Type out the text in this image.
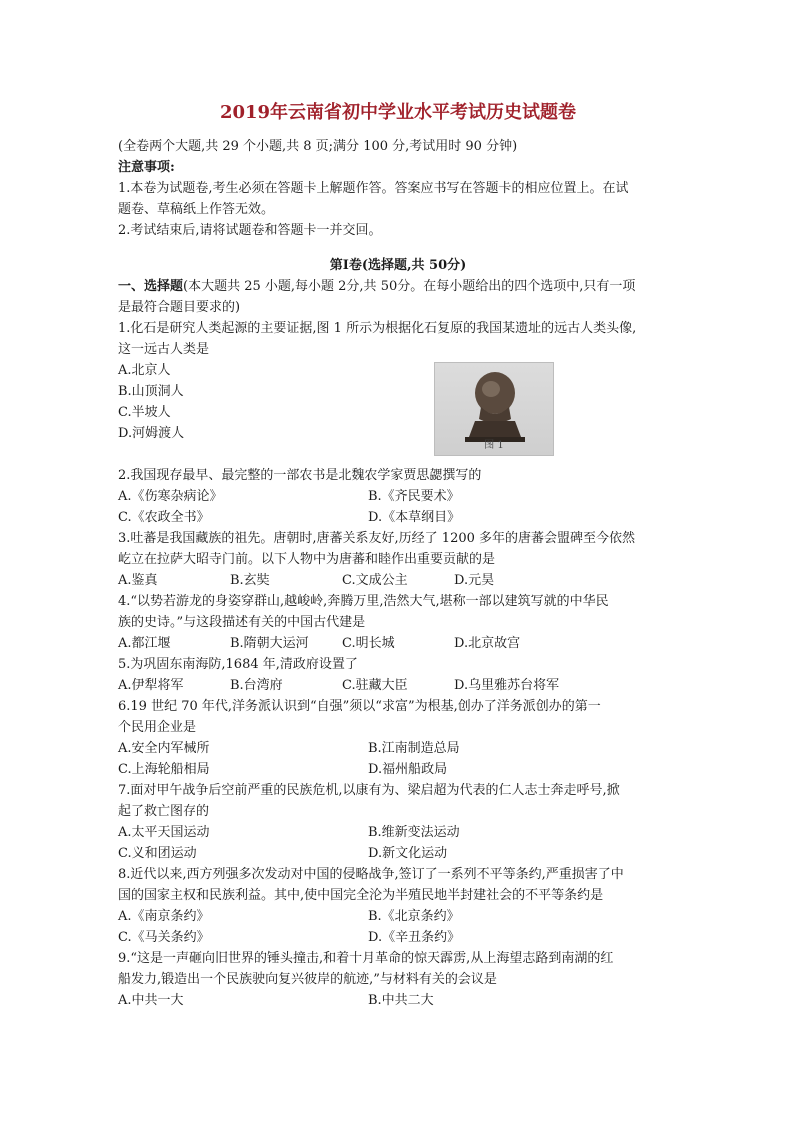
2019年云南省初中学业水平考试历史试题卷
(全卷两个大题,共 29 个小题,共 8 页;满分 100 分,考试用时 90 分钟)
注意事项:
1.本卷为试题卷,考生必须在答题卡上解题作答。答案应书写在答题卡的相应位置上。在试
题卷、草稿纸上作答无效。
2.考试结束后,请将试题卷和答题卡一并交回。
第Ⅰ卷(选择题,共 50分)
一、选择题(本大题共 25 小题,每小题 2分,共 50分。在每小题给出的四个选项中,只有一项
是最符合题目要求的)
1.化石是研究人类起源的主要证据,图 1 所示为根据化石复原的我国某遗址的远古人类头像,
这一远古人类是
A.北京人
B.山顶洞人
C.半坡人
D.河姆渡人
图 1
2.我国现存最早、最完整的一部农书是北魏农学家贾思勰撰写的
A.《伤寒杂病论》	B.《齐民要术》
C.《农政全书》	D.《本草纲目》
3.吐蕃是我国藏族的祖先。唐朝时,唐蕃关系友好,历经了 1200 多年的唐蕃会盟碑至今依然
屹立在拉萨大昭寺门前。以下人物中为唐蕃和睦作出重要贡献的是
A.鉴真	B.玄奘	C.文成公主	D.元昊
4.“以势若游龙的身姿穿群山,越峻岭,奔腾万里,浩然大气,堪称一部以建筑写就的中华民
族的史诗。”与这段描述有关的中国古代建是
A.都江堰	B.隋朝大运河	C.明长城	D.北京故宫
5.为巩固东南海防,1684 年,清政府设置了
A.伊犁将军	B.台湾府	C.驻藏大臣	D.乌里雅苏台将军
6.19 世纪 70 年代,洋务派认识到“自强”须以“求富”为根基,创办了洋务派创办的第一
个民用企业是
A.安全内军械所	B.江南制造总局
C.上海轮船相局	D.福州船政局
7.面对甲午战争后空前严重的民族危机,以康有为、梁启超为代表的仁人志士奔走呼号,掀
起了救亡图存的
A.太平天国运动	B.维新变法运动
C.义和团运动	D.新文化运动
8.近代以来,西方列强多次发动对中国的侵略战争,签订了一系列不平等条约,严重损害了中
国的国家主权和民族利益。其中,使中国完全沦为半殖民地半封建社会的不平等条约是
A.《南京条约》	B.《北京条约》
C.《马关条约》	D.《辛丑条约》
9.“这是一声砸向旧世界的锤头撞击,和着十月革命的惊天霹雳,从上海望志路到南湖的红
船发力,锻造出一个民族驶向复兴彼岸的航迹,”与材料有关的会议是
A.中共一大	B.中共二大
